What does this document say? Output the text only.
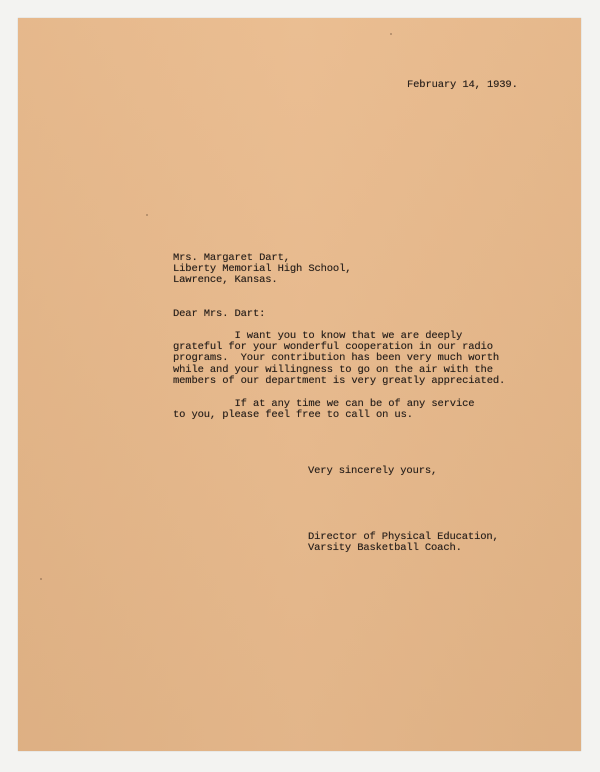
February 14, 1939.
Mrs. Margaret Dart,
Liberty Memorial High School,
Lawrence, Kansas.
Dear Mrs. Dart:
I want you to know that we are deeply
grateful for your wonderful cooperation in our radio
programs.  Your contribution has been very much worth
while and your willingness to go on the air with the
members of our department is very greatly appreciated.
If at any time we can be of any service
to you, please feel free to call on us.
Very sincerely yours,
Director of Physical Education,
Varsity Basketball Coach.
